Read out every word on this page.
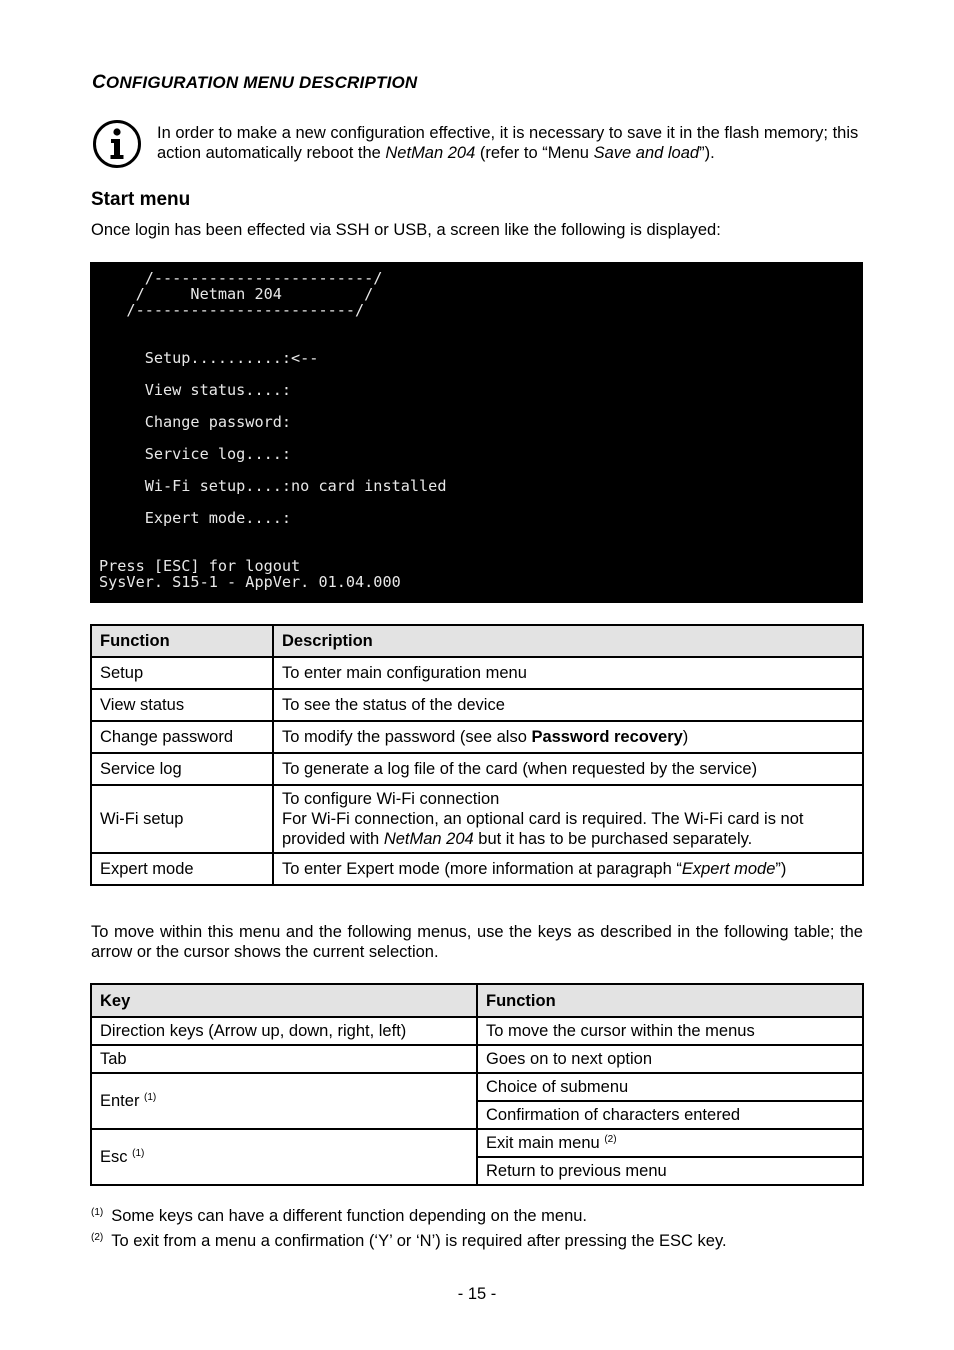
CONFIGURATION MENU DESCRIPTION
In order to make a new configuration effective, it is necessary to save it in the flash memory; this action automatically reboot the NetMan 204 (refer to “Menu Save and load”).
Start menu
Once login has been effected via SSH or USB, a screen like the following is displayed:
/------------------------/
/     Netman 204         /
/------------------------/

Setup..........:<--

View status....:

Change password:

Service log....:

Wi-Fi setup....:no card installed

Expert mode....:

Press [ESC] for logout
SysVer. S15-1 - AppVer. 01.04.000
Function	Description
Setup	To enter main configuration menu
View status	To see the status of the device
Change password	To modify the password (see also Password recovery)
Service log	To generate a log file of the card (when requested by the service)
Wi-Fi setup	To configure Wi-Fi connection
For Wi-Fi connection, an optional card is required. The Wi-Fi card is not provided with NetMan 204 but it has to be purchased separately.
Expert mode	To enter Expert mode (more information at paragraph “Expert mode”)
To move within this menu and the following menus, use the keys as described in the following table; the arrow or the cursor shows the current selection.
Key	Function
Direction keys (Arrow up, down, right, left)	To move the cursor within the menus
Tab	Goes on to next option
Enter $^{(1)}$	Choice of submenu
	Confirmation of characters entered
Esc $^{(1)}$	Exit main menu $^{(2)}$
	Return to previous menu
$^{(1)}$ Some keys can have a different function depending on the menu.
$^{(2)}$ To exit from a menu a confirmation (‘Y’ or ‘N’) is required after pressing the ESC key.
- 15 -
